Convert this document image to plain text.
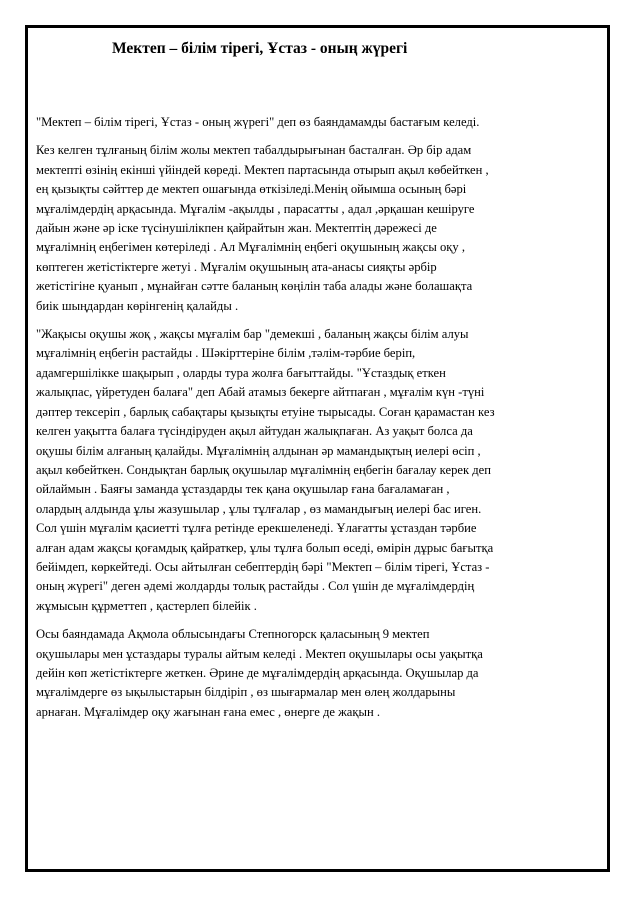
Мектеп – білім тірегі, Ұстаз - оның жүрегі

"Мектеп – білім тірегі, Ұстаз - оның жүрегі" деп өз баяндамамды бастағым келеді.

Кез келген тұлғаның білім жолы мектеп табалдырығынан басталған. Әр бір адам
мектепті өзінің екінші үйіндей көреді. Мектеп партасында отырып ақыл көбейткен ,
ең қызықты сәйттер де мектеп ошағында өткізіледі.Менің ойымша осының бәрі
мұғалімдердің арқасында. Мұғалім -ақылды , парасатты , адал ,әрқашан кешіруге
дайын және әр іске түсінушілікпен қайрайтын жан. Мектептің дәрежесі де
мұғалімнің еңбегімен көтеріледі . Ал Мұғалімнің еңбегі оқушының жақсы оқу ,
көптеген жетістіктерге жетуі . Мұғалім оқушының ата-анасы сияқты әрбір
жетістігіне қуанып , мұнайған сәтте баланың көңілін таба алады және болашақта
биік шыңдардан көрінгенің қалайды .

"Жақысы оқушы жоқ , жақсы мұғалім бар "демекші , баланың жақсы білім алуы
мұғалімнің еңбегін растайды . Шәкірттеріне білім ,тәлім-тәрбие беріп,
адамгершілікке шақырып , оларды тура жолға бағыттайды. "Ұстаздық еткен
жалықпас, үйретуден балаға" деп Абай атамыз бекерге айтпаған , мұғалім күн -түні
дәптер тексеріп , барлық сабақтары қызықты етуіне тырысады. Соған қарамастан кез
келген уақытта балаға түсіндіруден ақыл айтудан жалықпаған. Аз уақыт болса да
оқушы білім алғаның қалайды. Мұғалімнің алдынан әр мамандықтың иелері өсіп ,
ақыл көбейткен. Сондықтан барлық оқушылар мұғалімнің еңбегін бағалау керек деп
ойлаймын . Баяғы заманда ұстаздарды тек қана оқушылар ғана бағаламаған ,
олардың алдында ұлы жазушылар , ұлы тұлғалар , өз мамандығың иелері бас иген.
Сол үшін мұғалім қасиетті тұлға ретінде ерекшеленеді. Ұлағатты ұстаздан тәрбие
алған адам жақсы қоғамдық қайраткер, ұлы тұлға болып өседі, өмірін дұрыс бағытқа
бейімдеп, көркейтеді. Осы айтылған себептердің бәрі "Мектеп – білім тірегі, Ұстаз -
оның жүрегі" деген әдемі жолдарды толық растайды . Сол үшін де мұғалімдердің
жұмысын құрметтеп , қастерлеп білейік .

Осы баяндамада Ақмола облысындағы Степногорск қаласының 9 мектеп
оқушылары мен ұстаздары туралы айтым келеді . Мектеп оқушылары осы уақытқа
дейін көп жетістіктерге жеткен. Әрине де мұғалімдердің арқасында. Оқушылар да
мұғалімдерге өз ықылыстарын білдіріп , өз шығармалар мен өлең жолдарыны
арнаған. Мұғалімдер оқу жағынан ғана емес , өнерге де жақын .
